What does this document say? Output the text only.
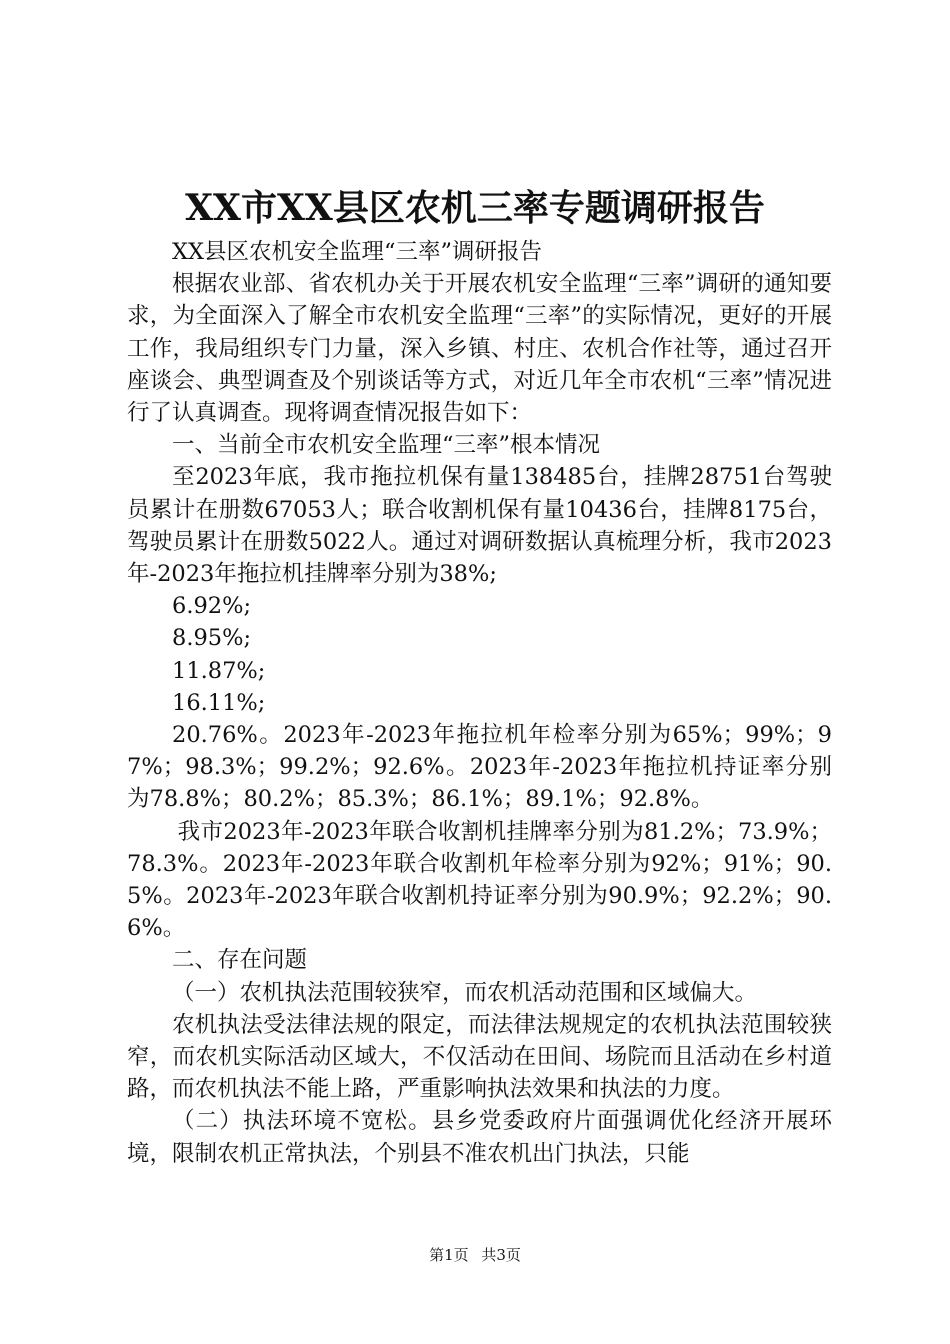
XX市XX县区农机三率专题调研报告

XX县区农机安全监理“三率”调研报告

根据农业部、省农机办关于开展农机安全监理“三率”调研的通知要求，为全面深入了解全市农机安全监理“三率”的实际情况，更好的开展工作，我局组织专门力量，深入乡镇、村庄、农机合作社等，通过召开座谈会、典型调查及个别谈话等方式，对近几年全市农机“三率”情况进行了认真调查。现将调查情况报告如下：

一、当前全市农机安全监理“三率”根本情况

至2023年底，我市拖拉机保有量138485台，挂牌28751台驾驶员累计在册数67053人；联合收割机保有量10436台，挂牌8175台，驾驶员累计在册数5022人。通过对调研数据认真梳理分析，我市2023年-2023年拖拉机挂牌率分别为38%;

6.92%;

8.95%;

11.87%;

16.11%;

20.76%。2023年-2023年拖拉机年检率分别为65%；99%；97%；98.3%；99.2%；92.6%。2023年-2023年拖拉机持证率分别为78.8%；80.2%；85.3%；86.1%；89.1%；92.8%。

我市2023年-2023年联合收割机挂牌率分别为81.2%；73.9%；78.3%。2023年-2023年联合收割机年检率分别为92%；91%；90.5%。2023年-2023年联合收割机持证率分别为90.9%；92.2%；90.6%。

二、存在问题

（一）农机执法范围较狭窄，而农机活动范围和区域偏大。

农机执法受法律法规的限定，而法律法规规定的农机执法范围较狭窄，而农机实际活动区域大，不仅活动在田间、场院而且活动在乡村道路，而农机执法不能上路，严重影响执法效果和执法的力度。

（二）执法环境不宽松。县乡党委政府片面强调优化经济开展环境，限制农机正常执法，个别县不准农机出门执法，只能

第1页 共3页
